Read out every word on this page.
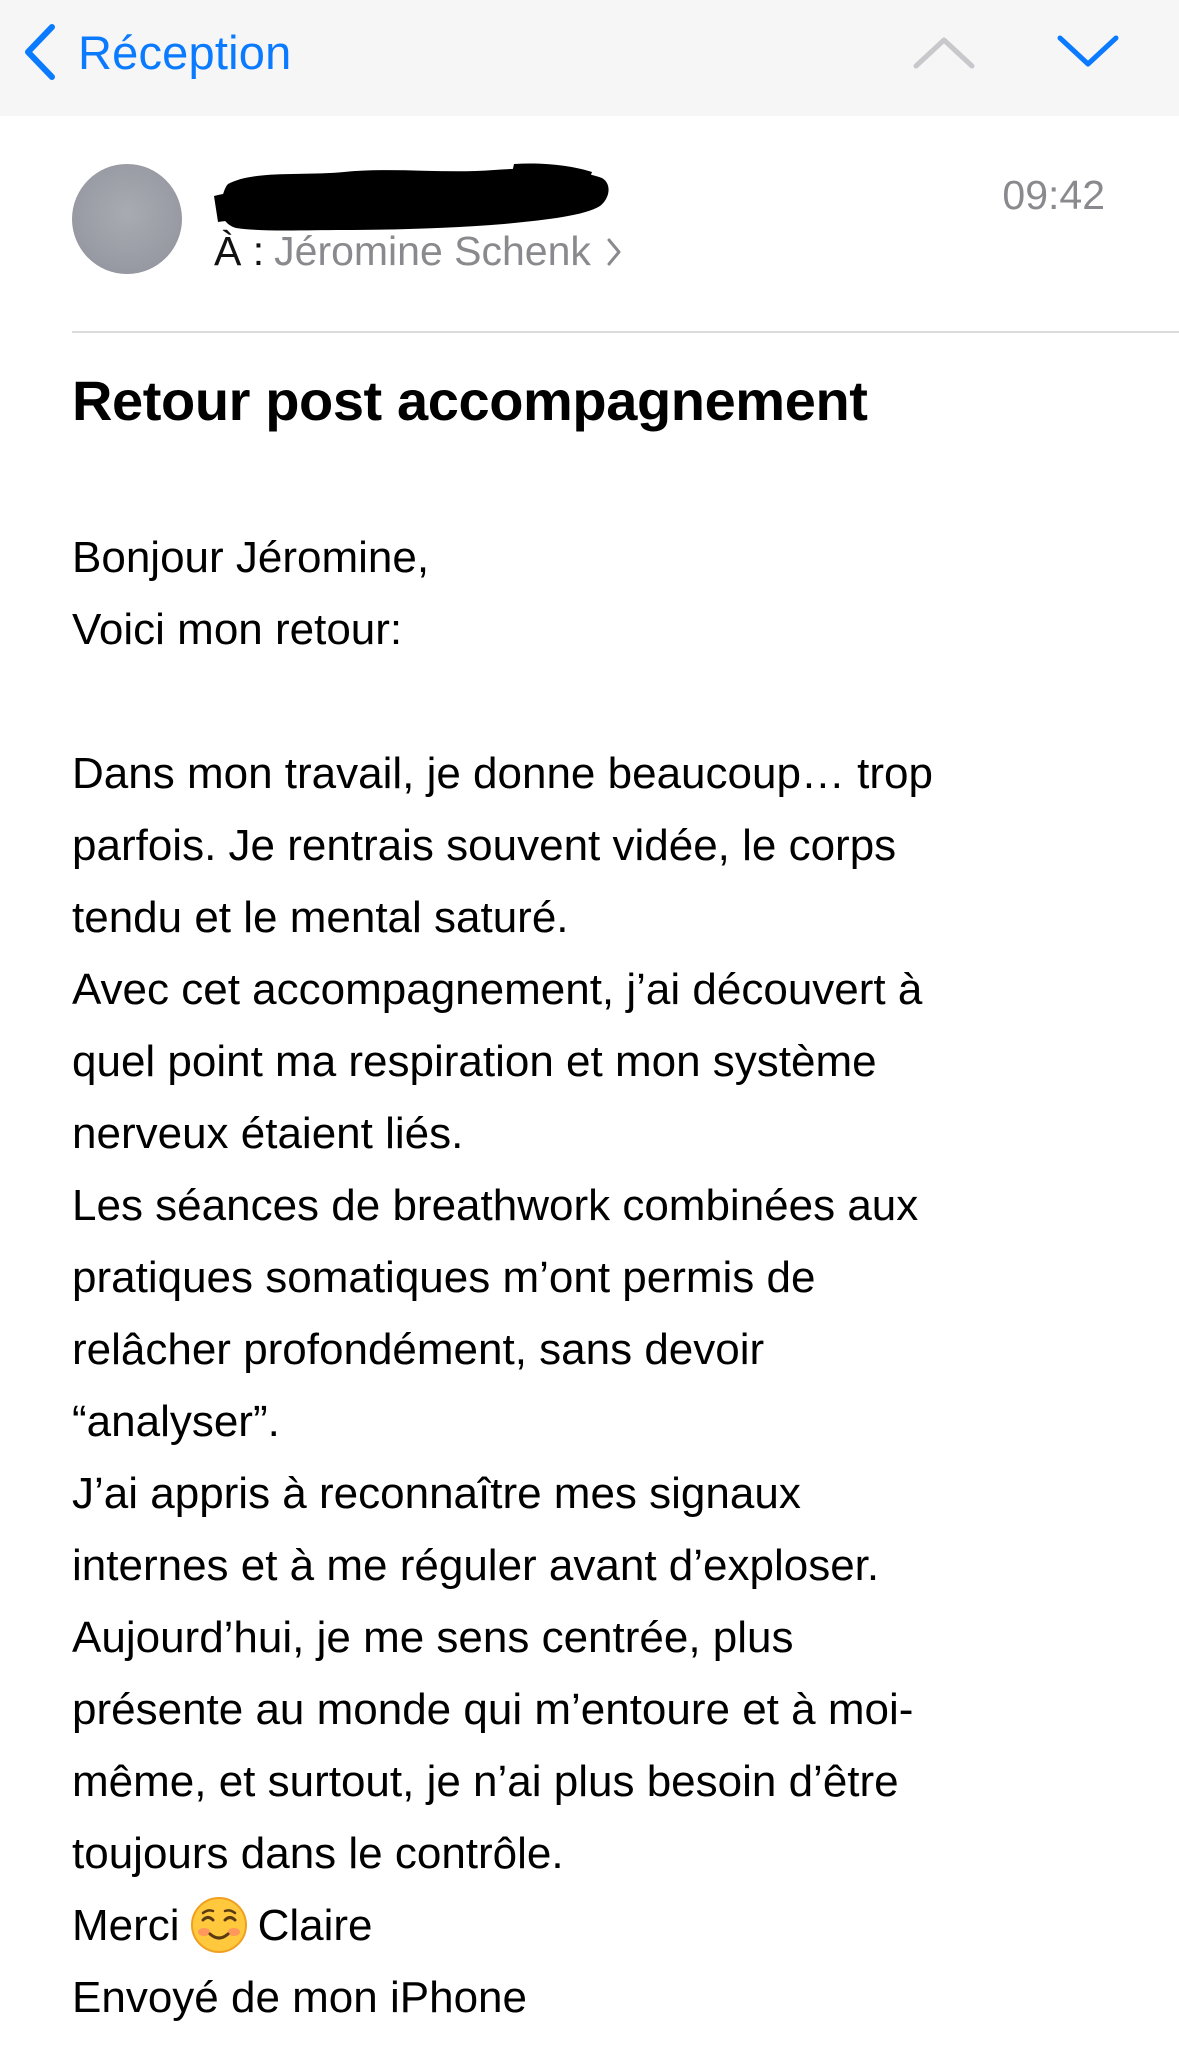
Réception
09:42
À : Jéromine Schenk
Retour post accompagnement
Bonjour Jéromine,
Voici mon retour:
Dans mon travail, je donne beaucoup… trop
parfois. Je rentrais souvent vidée, le corps
tendu et le mental saturé.
Avec cet accompagnement, j’ai découvert à
quel point ma respiration et mon système
nerveux étaient liés.
Les séances de breathwork combinées aux
pratiques somatiques m’ont permis de
relâcher profondément, sans devoir
“analyser”.
J’ai appris à reconnaître mes signaux
internes et à me réguler avant d’exploser.
Aujourd’hui, je me sens centrée, plus
présente au monde qui m’entoure et à moi-
même, et surtout, je n’ai plus besoin d’être
toujours dans le contrôle.
Merci Claire
Envoyé de mon iPhone
